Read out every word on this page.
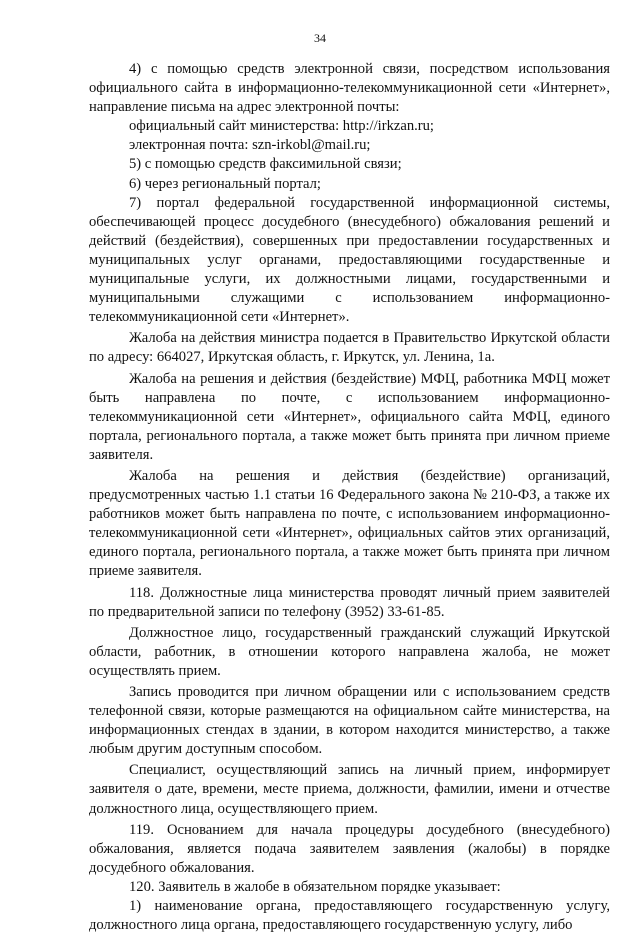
34

4) с помощью средств электронной связи, посредством использования официального сайта в информационно-телекоммуникационной сети «Интернет», направление письма на адрес электронной почты:

официальный сайт министерства: http://irkzan.ru;

электронная почта: szn-irkobl@mail.ru;

5) с помощью средств факсимильной связи;

6) через региональный портал;

7) портал федеральной государственной информационной системы, обеспечивающей процесс досудебного (внесудебного) обжалования решений и действий (бездействия), совершенных при предоставлении государственных и муниципальных услуг органами, предоставляющими государственные и муниципальные услуги, их должностными лицами, государственными и муниципальными служащими с использованием информационно-телекоммуникационной сети «Интернет».

Жалоба на действия министра подается в Правительство Иркутской области по адресу: 664027, Иркутская область, г. Иркутск, ул. Ленина, 1а.

Жалоба на решения и действия (бездействие) МФЦ, работника МФЦ может быть направлена по почте, с использованием информационно-телекоммуникационной сети «Интернет», официального сайта МФЦ, единого портала, регионального портала, а также может быть принята при личном приеме заявителя.

Жалоба на решения и действия (бездействие) организаций, предусмотренных частью 1.1 статьи 16 Федерального закона № 210-ФЗ, а также их работников может быть направлена по почте, с использованием информационно-телекоммуникационной сети «Интернет», официальных сайтов этих организаций, единого портала, регионального портала, а также может быть принята при личном приеме заявителя.

118. Должностные лица министерства проводят личный прием заявителей по предварительной записи по телефону (3952) 33-61-85.

Должностное лицо, государственный гражданский служащий Иркутской области, работник, в отношении которого направлена жалоба, не может осуществлять прием.

Запись проводится при личном обращении или с использованием средств телефонной связи, которые размещаются на официальном сайте министерства, на информационных стендах в здании, в котором находится министерство, а также любым другим доступным способом.

Специалист, осуществляющий запись на личный прием, информирует заявителя о дате, времени, месте приема, должности, фамилии, имени и отчестве должностного лица, осуществляющего прием.

119. Основанием для начала процедуры досудебного (внесудебного) обжалования, является подача заявителем заявления (жалобы) в порядке досудебного обжалования.

120. Заявитель в жалобе в обязательном порядке указывает:

1) наименование органа, предоставляющего государственную услугу, должностного лица органа, предоставляющего государственную услугу, либо
